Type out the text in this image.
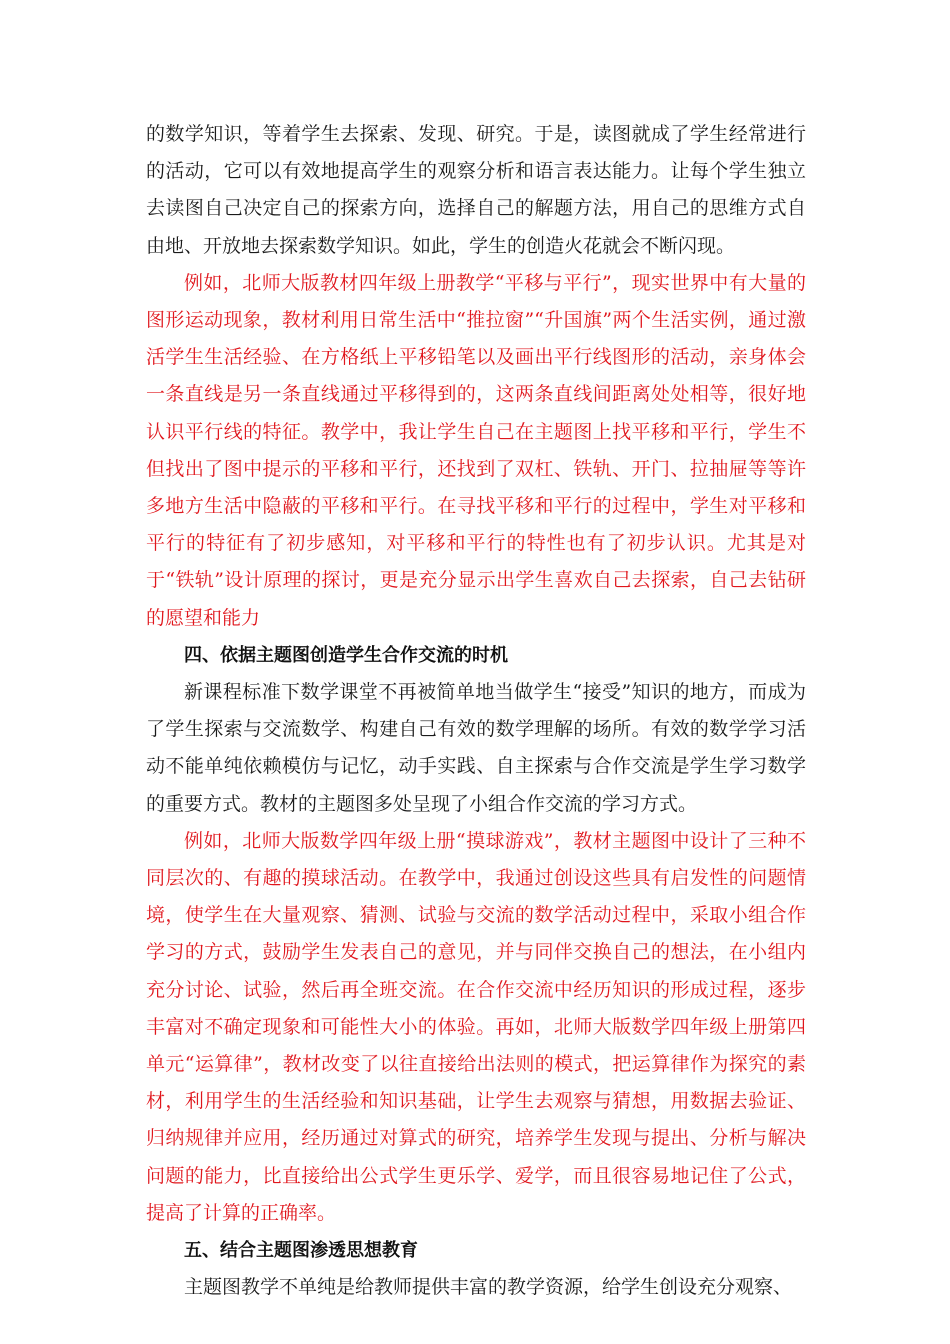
的数学知识，等着学生去探索、发现、研究。于是，读图就成了学生经常进行的活动，它可以有效地提高学生的观察分析和语言表达能力。让每个学生独立去读图自己决定自己的探索方向，选择自己的解题方法，用自己的思维方式自由地、开放地去探索数学知识。如此，学生的创造火花就会不断闪现。

例如，北师大版教材四年级上册教学“平移与平行”，现实世界中有大量的图形运动现象，教材利用日常生活中“推拉窗”“升国旗”两个生活实例，通过激活学生生活经验、在方格纸上平移铅笔以及画出平行线图形的活动，亲身体会一条直线是另一条直线通过平移得到的，这两条直线间距离处处相等，很好地认识平行线的特征。教学中，我让学生自己在主题图上找平移和平行，学生不但找出了图中提示的平移和平行，还找到了双杠、铁轨、开门、拉抽屉等等许多地方生活中隐蔽的平移和平行。在寻找平移和平行的过程中，学生对平移和平行的特征有了初步感知，对平移和平行的特性也有了初步认识。尤其是对于“铁轨”设计原理的探讨，更是充分显示出学生喜欢自己去探索，自己去钻研的愿望和能力

四、依据主题图创造学生合作交流的时机

新课程标准下数学课堂不再被简单地当做学生“接受”知识的地方，而成为了学生探索与交流数学、构建自己有效的数学理解的场所。有效的数学学习活动不能单纯依赖模仿与记忆，动手实践、自主探索与合作交流是学生学习数学的重要方式。教材的主题图多处呈现了小组合作交流的学习方式。

例如，北师大版数学四年级上册“摸球游戏”，教材主题图中设计了三种不同层次的、有趣的摸球活动。在教学中，我通过创设这些具有启发性的问题情境，使学生在大量观察、猜测、试验与交流的数学活动过程中，采取小组合作学习的方式，鼓励学生发表自己的意见，并与同伴交换自己的想法，在小组内充分讨论、试验，然后再全班交流。在合作交流中经历知识的形成过程，逐步丰富对不确定现象和可能性大小的体验。再如，北师大版数学四年级上册第四单元“运算律”，教材改变了以往直接给出法则的模式，把运算律作为探究的素材，利用学生的生活经验和知识基础，让学生去观察与猜想，用数据去验证、归纳规律并应用，经历通过对算式的研究，培养学生发现与提出、分析与解决问题的能力，比直接给出公式学生更乐学、爱学，而且很容易地记住了公式，提高了计算的正确率。

五、结合主题图渗透思想教育

主题图教学不单纯是给教师提供丰富的教学资源，给学生创设充分观察、
